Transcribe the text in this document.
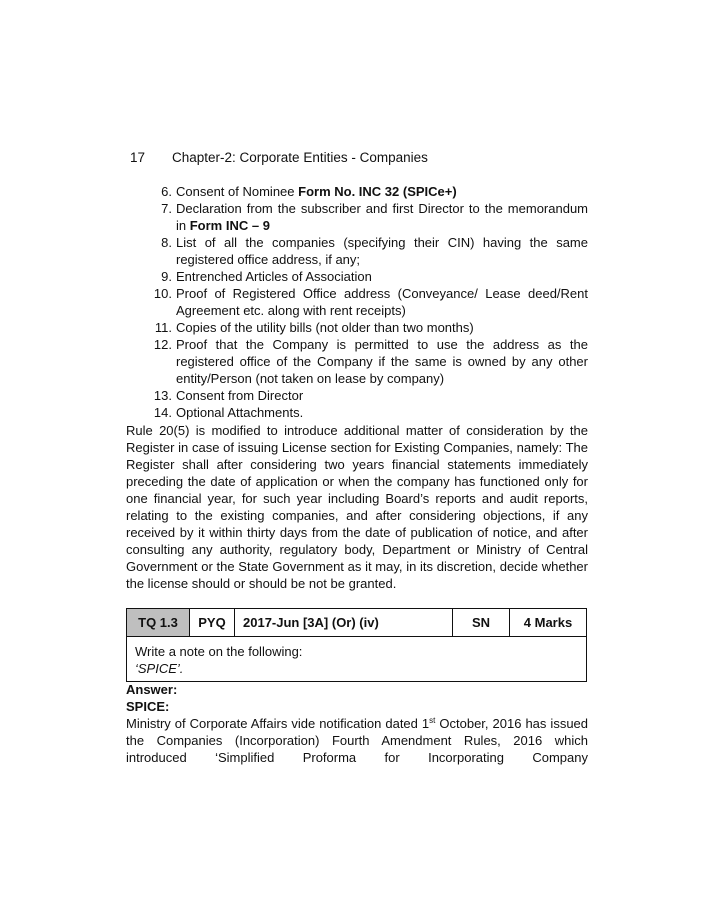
17 Chapter-2: Corporate Entities - Companies
6. Consent of Nominee Form No. INC 32 (SPICe+)
7. Declaration from the subscriber and first Director to the memorandum in Form INC – 9
8. List of all the companies (specifying their CIN) having the same registered office address, if any;
9. Entrenched Articles of Association
10. Proof of Registered Office address (Conveyance/ Lease deed/Rent Agreement etc. along with rent receipts)
11. Copies of the utility bills (not older than two months)
12. Proof that the Company is permitted to use the address as the registered office of the Company if the same is owned by any other entity/Person (not taken on lease by company)
13. Consent from Director
14. Optional Attachments.

Rule 20(5) is modified to introduce additional matter of consideration by the Register in case of issuing License section for Existing Companies, namely: The Register shall after considering two years financial statements immediately preceding the date of application or when the company has functioned only for one financial year, for such year including Board’s reports and audit reports, relating to the existing companies, and after considering objections, if any received by it within thirty days from the date of publication of notice, and after consulting any authority, regulatory body, Department or Ministry of Central Government or the State Government as it may, in its discretion, decide whether the license should or should be not be granted.

TQ 1.3	PYQ	2017-Jun [3A] (Or) (iv)	SN	4 Marks

Write a note on the following:
‘SPICE’.
Answer:
SPICE:

Ministry of Corporate Affairs vide notification dated 1st October, 2016 has issued the Companies (Incorporation) Fourth Amendment Rules, 2016 which introduced ‘Simplified Proforma for Incorporating Company
